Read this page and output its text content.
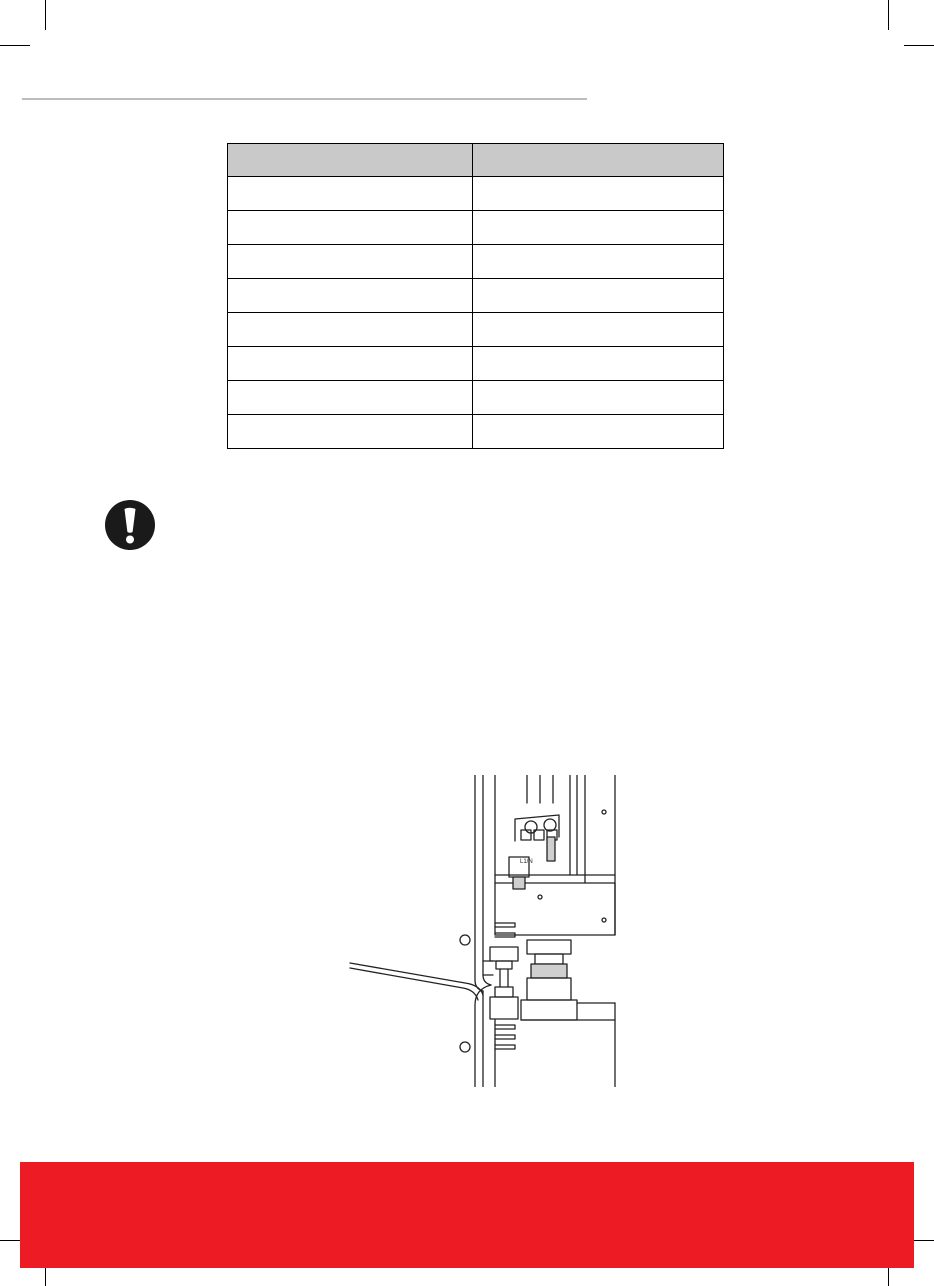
L1/N
